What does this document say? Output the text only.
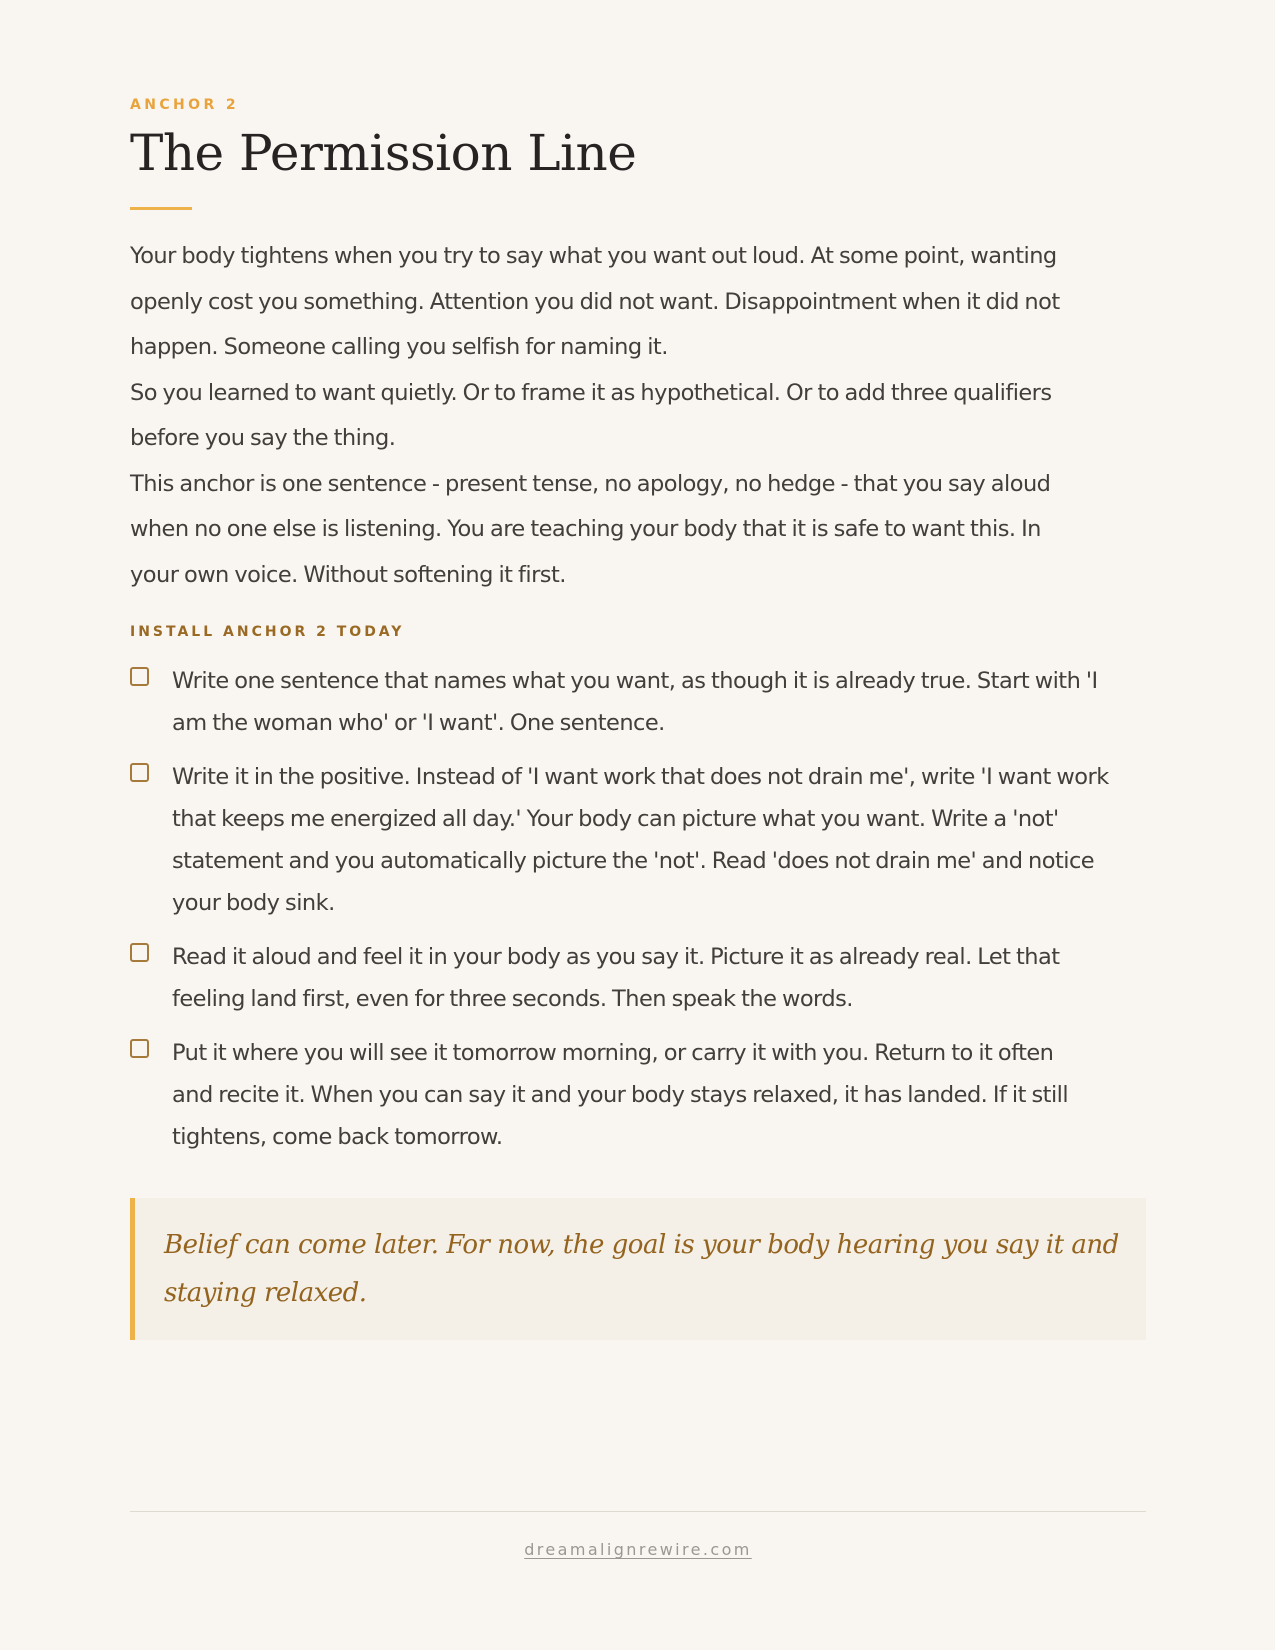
ANCHOR 2
The Permission Line

Your body tightens when you try to say what you want out loud. At some point, wanting
openly cost you something. Attention you did not want. Disappointment when it did not
happen. Someone calling you selfish for naming it.

So you learned to want quietly. Or to frame it as hypothetical. Or to add three qualifiers
before you say the thing.

This anchor is one sentence - present tense, no apology, no hedge - that you say aloud
when no one else is listening. You are teaching your body that it is safe to want this. In
your own voice. Without softening it first.

INSTALL ANCHOR 2 TODAY
Write one sentence that names what you want, as though it is already true. Start with 'I
am the woman who' or 'I want'. One sentence.
Write it in the positive. Instead of 'I want work that does not drain me', write 'I want work
that keeps me energized all day.' Your body can picture what you want. Write a 'not'
statement and you automatically picture the 'not'. Read 'does not drain me' and notice
your body sink.
Read it aloud and feel it in your body as you say it. Picture it as already real. Let that
feeling land first, even for three seconds. Then speak the words.
Put it where you will see it tomorrow morning, or carry it with you. Return to it often
and recite it. When you can say it and your body stays relaxed, it has landed. If it still
tightens, come back tomorrow.
Belief can come later. For now, the goal is your body hearing you say it and
staying relaxed.
dreamalignrewire.com
